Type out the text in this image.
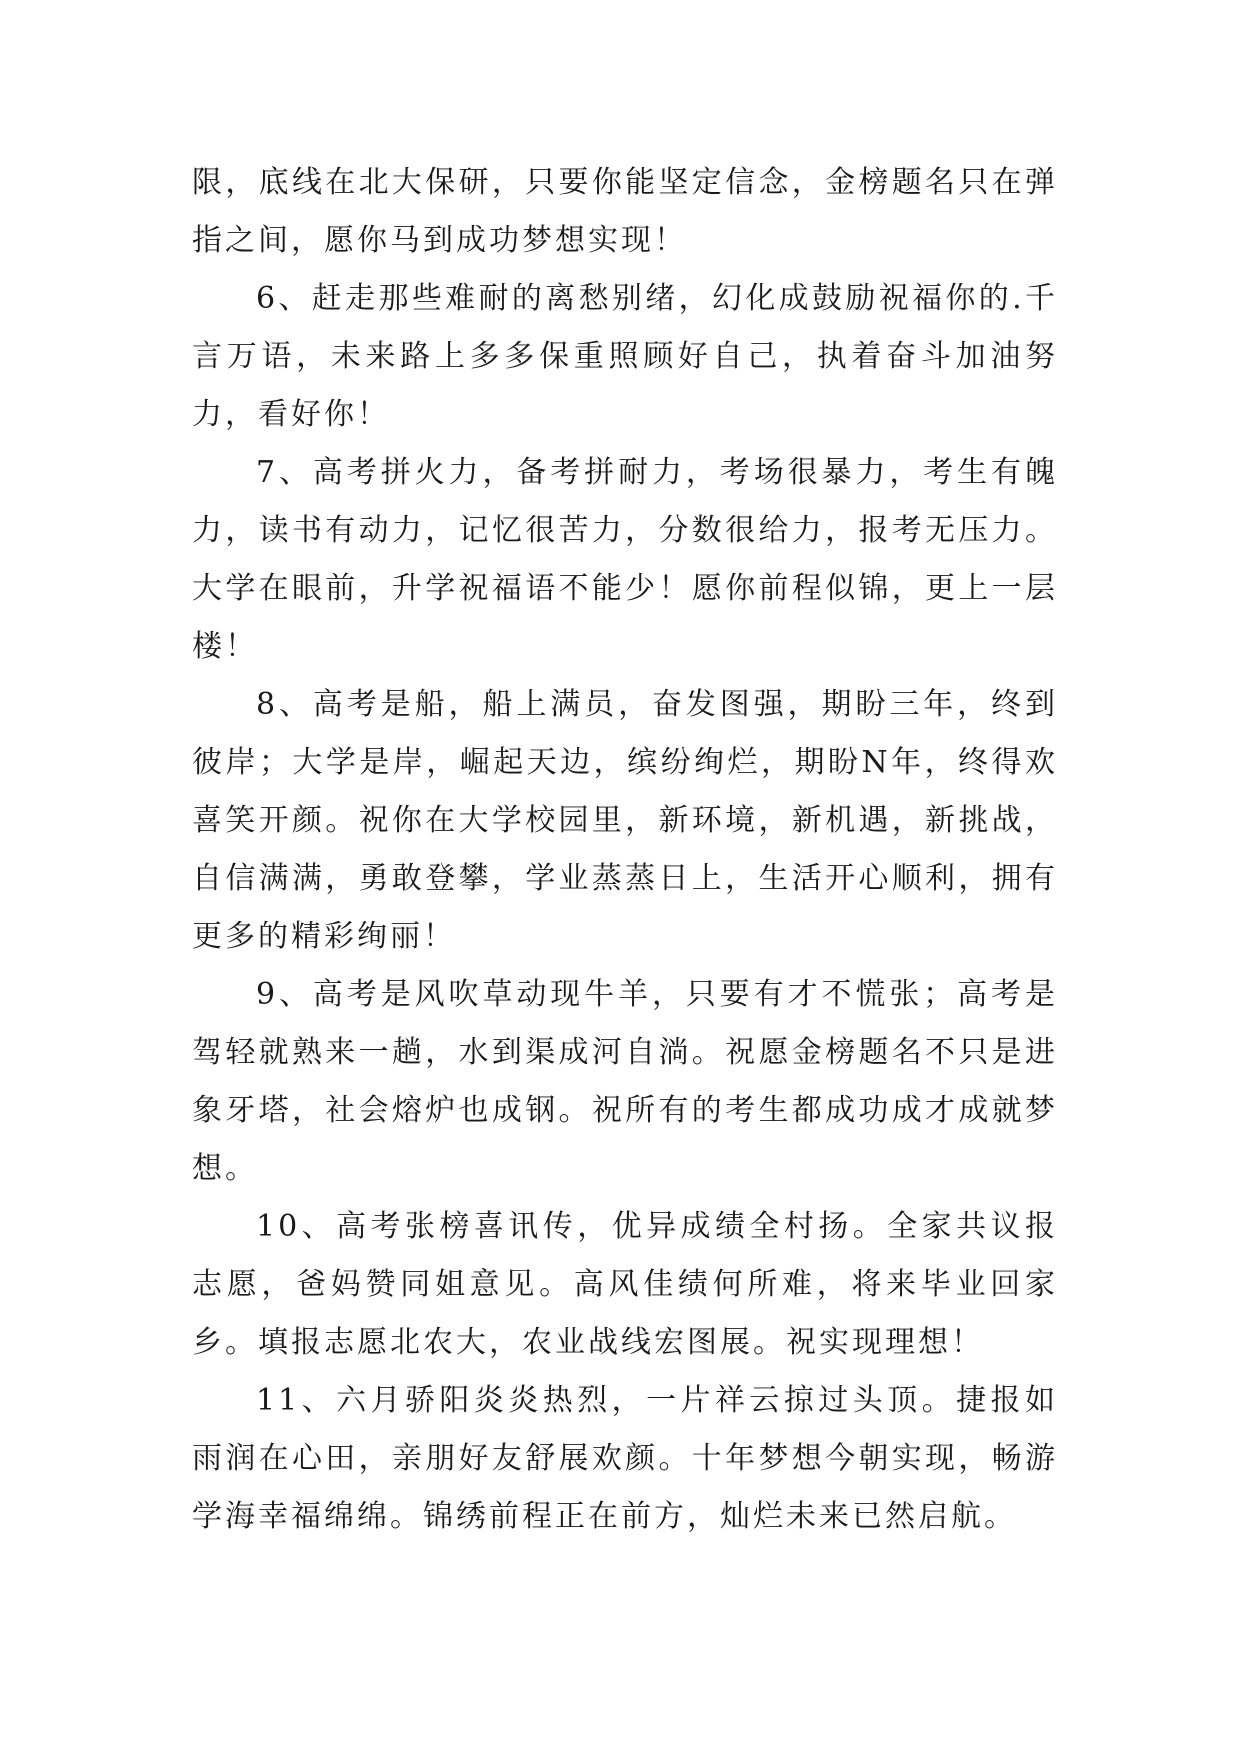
限，底线在北大保研，只要你能坚定信念，金榜题名只在弹指之间，愿你马到成功梦想实现！

6、赶走那些难耐的离愁别绪，幻化成鼓励祝福你的.千言万语，未来路上多多保重照顾好自己，执着奋斗加油努力，看好你！

7、高考拼火力，备考拼耐力，考场很暴力，考生有魄力，读书有动力，记忆很苦力，分数很给力，报考无压力。大学在眼前，升学祝福语不能少！愿你前程似锦，更上一层楼！

8、高考是船，船上满员，奋发图强，期盼三年，终到彼岸；大学是岸，崛起天边，缤纷绚烂，期盼N年，终得欢喜笑开颜。祝你在大学校园里，新环境，新机遇，新挑战，自信满满，勇敢登攀，学业蒸蒸日上，生活开心顺利，拥有更多的精彩绚丽！

9、高考是风吹草动现牛羊，只要有才不慌张；高考是驾轻就熟来一趟，水到渠成河自淌。祝愿金榜题名不只是进象牙塔，社会熔炉也成钢。祝所有的考生都成功成才成就梦想。

10、高考张榜喜讯传，优异成绩全村扬。全家共议报志愿，爸妈赞同姐意见。高风佳绩何所难，将来毕业回家乡。填报志愿北农大，农业战线宏图展。祝实现理想！

11、六月骄阳炎炎热烈，一片祥云掠过头顶。捷报如雨润在心田，亲朋好友舒展欢颜。十年梦想今朝实现，畅游学海幸福绵绵。锦绣前程正在前方，灿烂未来已然启航。
